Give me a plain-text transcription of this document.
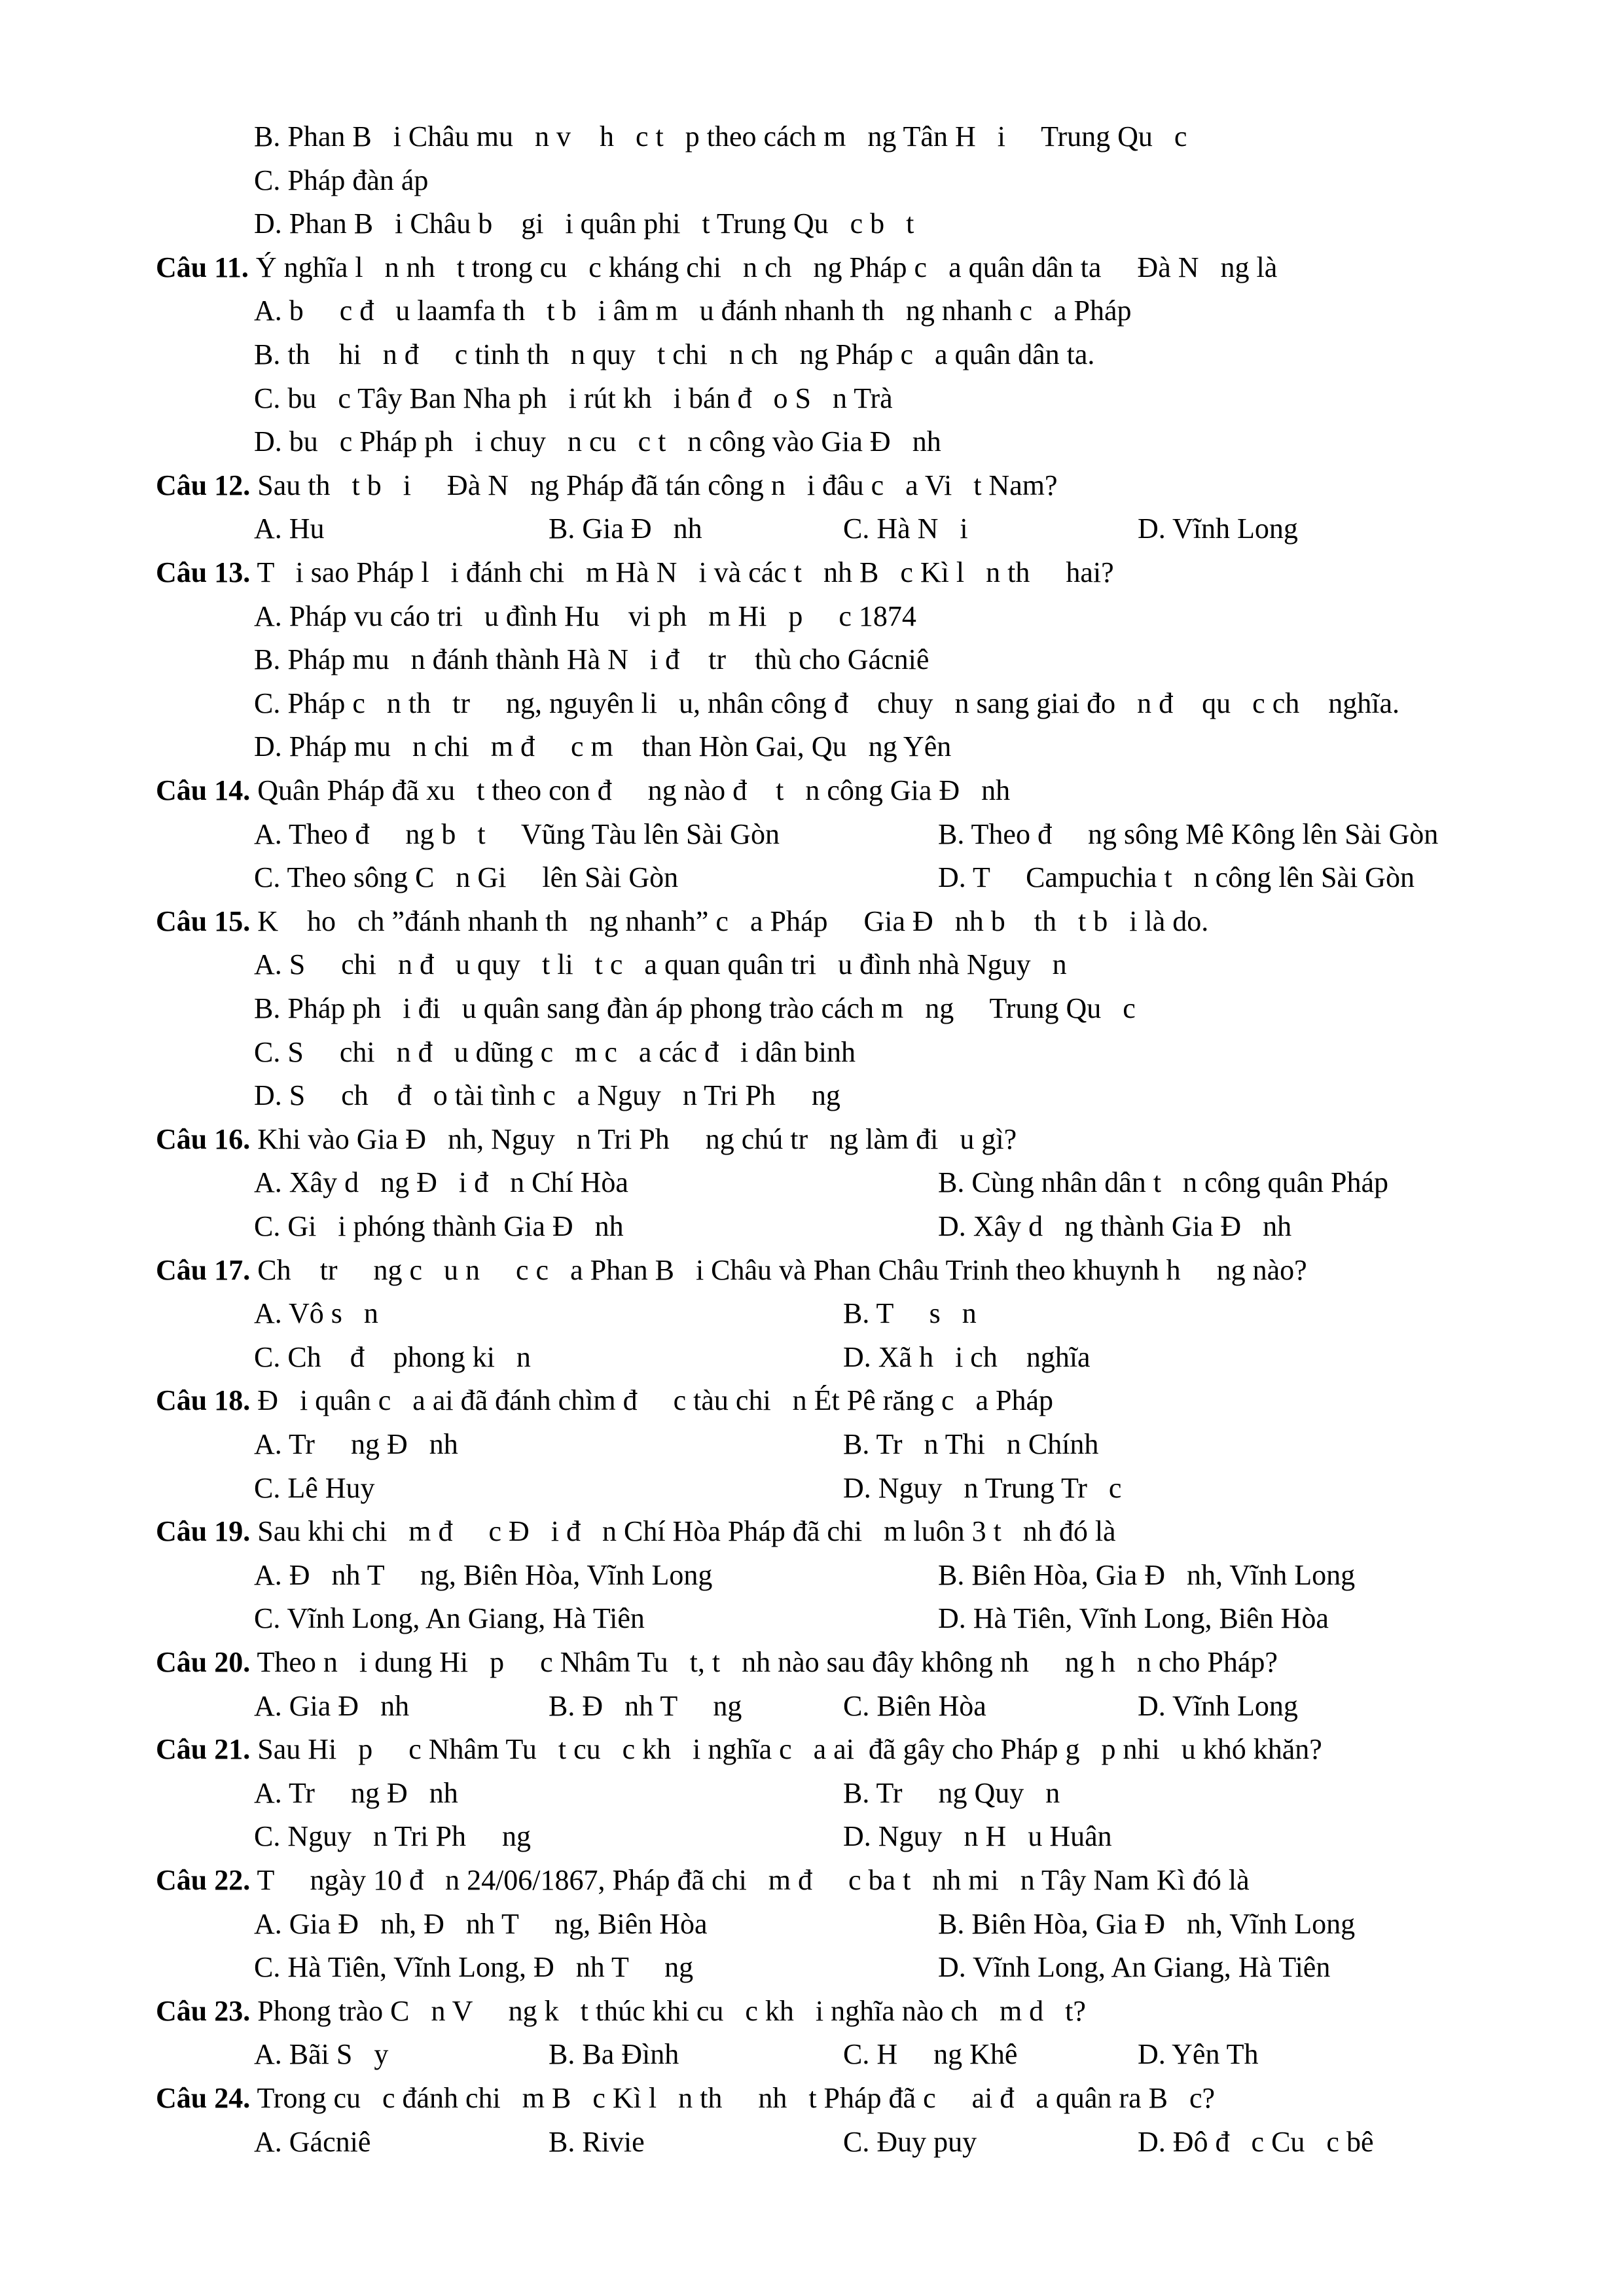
B. Phan B   i Châu mu   n v    h   c t   p theo cách m   ng Tân H   i     Trung Qu   c
C. Pháp đàn áp
D. Phan B   i Châu b    gi   i quân phi   t Trung Qu   c b   t
Câu 11. Ý nghĩa l   n nh   t trong cu   c kháng chi   n ch   ng Pháp c   a quân dân ta     Đà N   ng là
A. b     c đ   u laamfa th   t b   i âm m   u đánh nhanh th   ng nhanh c   a Pháp
B. th    hi   n đ     c tinh th   n quy   t chi   n ch   ng Pháp c   a quân dân ta.
C. bu   c Tây Ban Nha ph   i rút kh   i bán đ   o S   n Trà
D. bu   c Pháp ph   i chuy   n cu   c t   n công vào Gia Đ   nh
Câu 12. Sau th   t b   i     Đà N   ng Pháp đã tán công n   i đâu c   a Vi   t Nam?
A. Hu	B. Gia Đ   nh	C. Hà N   i	D. Vĩnh Long
Câu 13. T   i sao Pháp l   i đánh chi   m Hà N   i và các t   nh B   c Kì l   n th     hai?
A. Pháp vu cáo tri   u đình Hu    vi ph   m Hi   p     c 1874
B. Pháp mu   n đánh thành Hà N   i đ    tr    thù cho Gácniê
C. Pháp c   n th   tr     ng, nguyên li   u, nhân công đ    chuy   n sang giai đo   n đ    qu   c ch    nghĩa.
D. Pháp mu   n chi   m đ     c m    than Hòn Gai, Qu   ng Yên
Câu 14. Quân Pháp đã xu   t theo con đ     ng nào đ    t   n công Gia Đ   nh
A. Theo đ     ng b   t     Vũng Tàu lên Sài Gòn	B. Theo đ     ng sông Mê Kông lên Sài Gòn
C. Theo sông C   n Gi     lên Sài Gòn	D. T     Campuchia t   n công lên Sài Gòn
Câu 15. K    ho   ch ”đánh nhanh th   ng nhanh” c   a Pháp     Gia Đ   nh b    th   t b   i là do.
A. S     chi   n đ   u quy   t li   t c   a quan quân tri   u đình nhà Nguy   n
B. Pháp ph   i đi   u quân sang đàn áp phong trào cách m   ng     Trung Qu   c
C. S     chi   n đ   u dũng c   m c   a các đ   i dân binh
D. S     ch    đ   o tài tình c   a Nguy   n Tri Ph     ng
Câu 16. Khi vào Gia Đ   nh, Nguy   n Tri Ph     ng chú tr   ng làm đi   u gì?
A. Xây d   ng Đ   i đ   n Chí Hòa	B. Cùng nhân dân t   n công quân Pháp
C. Gi   i phóng thành Gia Đ   nh	D. Xây d   ng thành Gia Đ   nh
Câu 17. Ch    tr     ng c   u n     c c   a Phan B   i Châu và Phan Châu Trinh theo khuynh h     ng nào?
A. Vô s   n	B. T     s   n
C. Ch    đ    phong ki   n	D. Xã h   i ch    nghĩa
Câu 18. Đ   i quân c   a ai đã đánh chìm đ     c tàu chi   n Ét Pê răng c   a Pháp
A. Tr     ng Đ   nh	B. Tr   n Thi   n Chính
C. Lê Huy	D. Nguy   n Trung Tr   c
Câu 19. Sau khi chi   m đ     c Đ   i đ   n Chí Hòa Pháp đã chi   m luôn 3 t   nh đó là
A. Đ   nh T     ng, Biên Hòa, Vĩnh Long	B. Biên Hòa, Gia Đ   nh, Vĩnh Long
C. Vĩnh Long, An Giang, Hà Tiên	D. Hà Tiên, Vĩnh Long, Biên Hòa
Câu 20. Theo n   i dung Hi   p     c Nhâm Tu   t, t   nh nào sau đây không nh     ng h   n cho Pháp?
A. Gia Đ   nh	B. Đ   nh T     ng	C. Biên Hòa	D. Vĩnh Long
Câu 21. Sau Hi   p     c Nhâm Tu   t cu   c kh   i nghĩa c   a ai  đã gây cho Pháp g   p nhi   u khó khăn?
A. Tr     ng Đ   nh	B. Tr     ng Quy   n
C. Nguy   n Tri Ph     ng	D. Nguy   n H   u Huân
Câu 22. T     ngày 10 đ   n 24/06/1867, Pháp đã chi   m đ     c ba t   nh mi   n Tây Nam Kì đó là
A. Gia Đ   nh, Đ   nh T     ng, Biên Hòa	B. Biên Hòa, Gia Đ   nh, Vĩnh Long
C. Hà Tiên, Vĩnh Long, Đ   nh T     ng	D. Vĩnh Long, An Giang, Hà Tiên
Câu 23. Phong trào C   n V     ng k   t thúc khi cu   c kh   i nghĩa nào ch   m d   t?
A. Bãi S   y	B. Ba Đình	C. H     ng Khê	D. Yên Th
Câu 24. Trong cu   c đánh chi   m B   c Kì l   n th     nh   t Pháp đã c     ai đ   a quân ra B   c?
A. Gácniê	B. Rivie	C. Đuy puy	D. Đô đ   c Cu   c bê
